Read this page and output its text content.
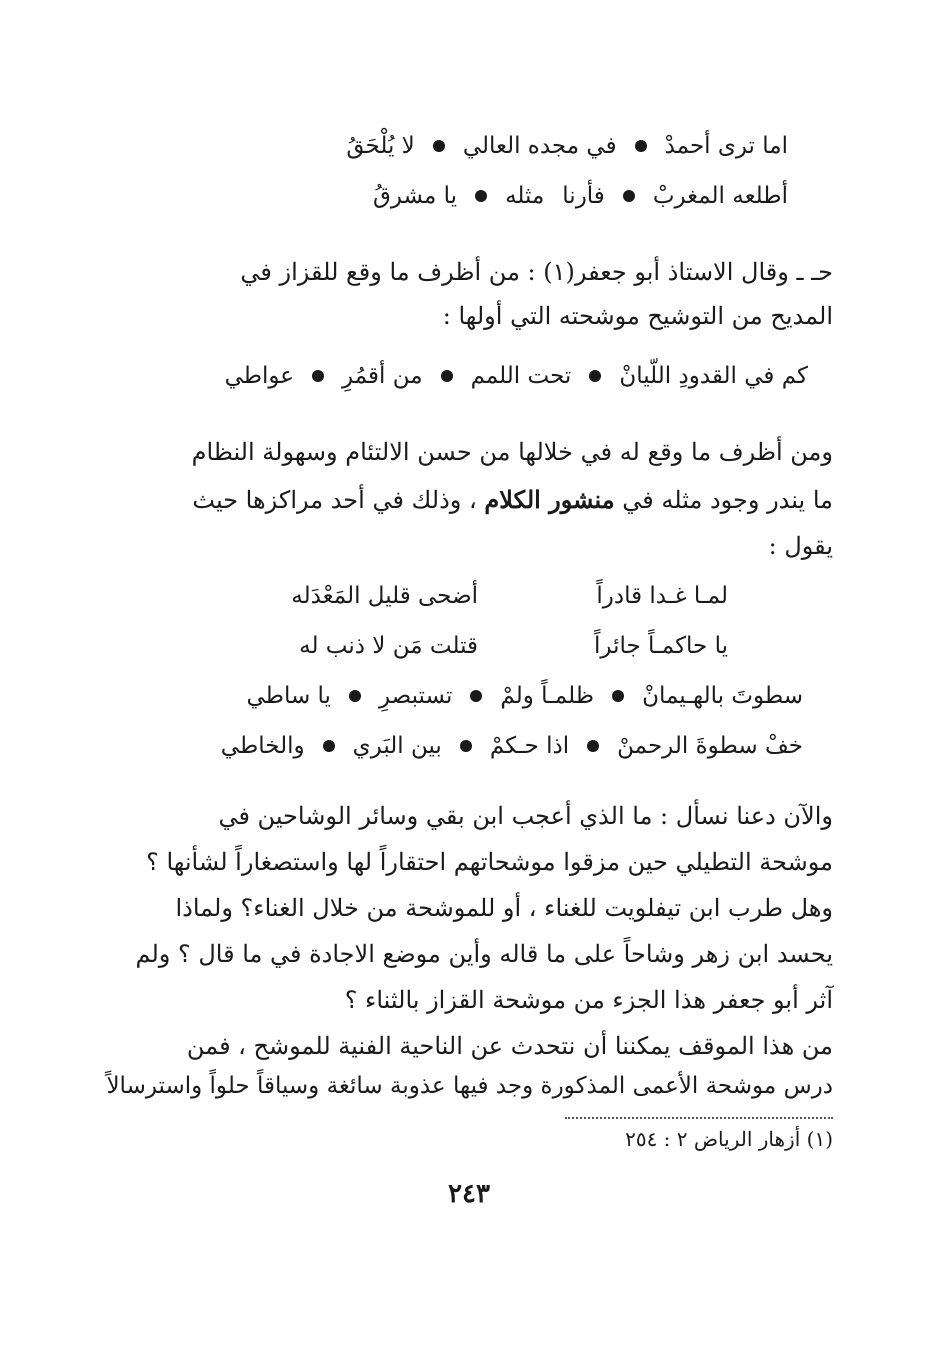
اما ترى أحمدْ
في مجده العالي
لا يُلْحَقُ
أطلعه المغربْ
فأرنا
مثله
يا مشرقُ
حـ ـ وقال الاستاذ أبو جعفر(١) : من أظرف ما وقع للقزاز في
المديح من التوشيح موشحته التي أولها :
كم في القدودِ اللّيانْ
تحت اللمم
من أقمُرِ
عواطي
ومن أظرف ما وقع له في خلالها من حسن الالتئام وسهولة النظام
ما يندر وجود مثله في منشور الكلام ، وذلك في أحد مراكزها حيث
يقول :
لمـا غـدا قادراً
أضحى قليل المَعْدَله
يا حاكمـاً جائراً
قتلت مَن لا ذنب له
سطوتَ بالهـيمانْ
ظلمـاً ولمْ
تستبصرِ
يا ساطي
خفْ سطوةَ الرحمنْ
اذا حـكمْ
بين البَري
والخاطي
والآن دعنا نسأل : ما الذي أعجب ابن بقي وسائر الوشاحين في
موشحة التطيلي حين مزقوا موشحاتهم احتقاراً لها واستصغاراً لشأنها ؟
وهل طرب ابن تيفلويت للغناء ، أو للموشحة من خلال الغناء؟ ولماذا
يحسد ابن زهر وشاحاً على ما قاله وأين موضع الاجادة في ما قال ؟ ولم
آثر أبو جعفر هذا الجزء من موشحة القزاز بالثناء ؟
من هذا الموقف يمكننا أن نتحدث عن الناحية الفنية للموشح ، فمن
درس موشحة الأعمى المذكورة وجد فيها عذوبة سائغة وسياقاً حلواً واسترسالاً
(١) أزهار الرياض ٢ : ٢٥٤
٢٤٣
